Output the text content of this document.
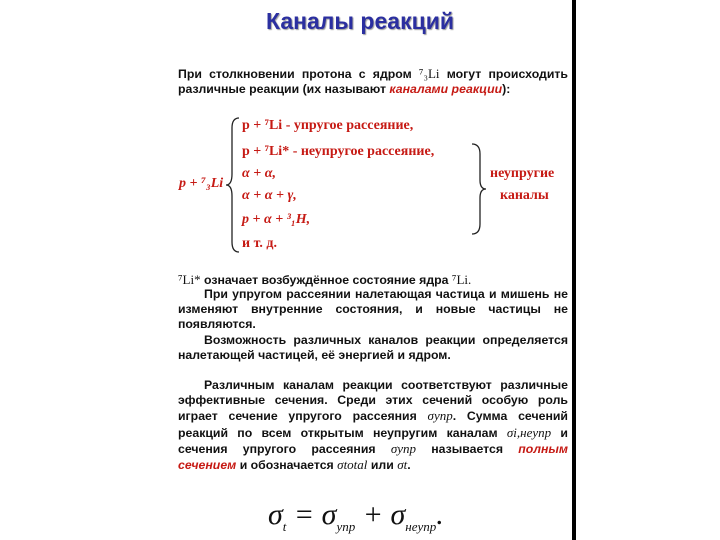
Каналы реакций
При столкновении протона с ядром ⁷₃Li могут происходить различные реакции (их называют каналами реакции):
p + ⁷₃Li
p + ⁷Li - упругое рассеяние,
p + ⁷Li* - неупругое рассеяние,
α + α,
α + α + γ,
p + α + ³₁H,
и т. д.
неупругие
каналы
⁷Li* означает возбуждённое состояние ядра ⁷Li.
При упругом рассеянии налетающая частица и мишень не изменяют внутренние состояния, и новые частицы не появляются.
Возможность различных каналов реакции определяется налетающей частицей, её энергией и ядром.
Различным каналам реакции соответствуют различные эффективные сечения. Среди этих сечений особую роль играет сечение упругого рассеяния σупр. Сумма сечений реакций по всем открытым неупругим каналам σi,неупр и сечения упругого рассеяния σупр называется полным сечением и обозначается σtotal или σt.
$\sigma_t = \sigma_{упр} + \sigma_{неупр}$.
